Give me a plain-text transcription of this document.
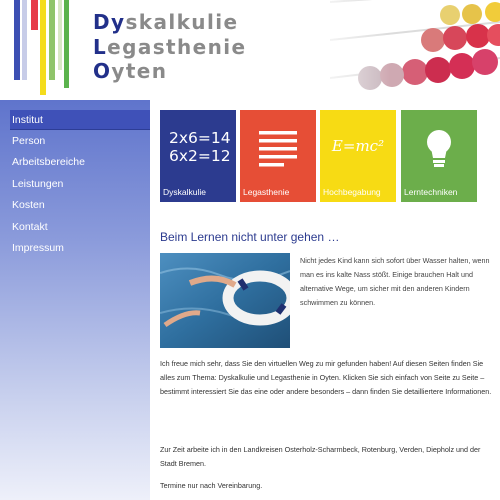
Dyskalkulie
Legasthenie
Oyten
Institut
Person
Arbeitsbereiche
Leistungen
Kosten
Kontakt
Impressum
2x6=14
6x2=12
Dyskalkulie	Legasthenie
E=mc²
Hochbegabung	Lerntechniken
Beim Lernen nicht unter gehen …
Nicht jedes Kind kann sich sofort über Wasser halten, wenn man es ins kalte Nass stößt. Einige brauchen Halt und alternative Wege, um sicher mit den anderen Kindern schwimmen zu können.
Ich freue mich sehr, dass Sie den virtuellen Weg zu mir gefunden haben! Auf diesen Seiten finden Sie alles zum Thema: Dyskalkulie und Legasthenie in Oyten. Klicken Sie sich einfach von Seite zu Seite – bestimmt interessiert Sie das eine oder andere besonders – dann finden Sie detailliertere Informationen.
Zur Zeit arbeite ich in den Landkreisen Osterholz-Scharmbeck, Rotenburg, Verden, Diepholz und der Stadt Bremen.
Termine nur nach Vereinbarung.
